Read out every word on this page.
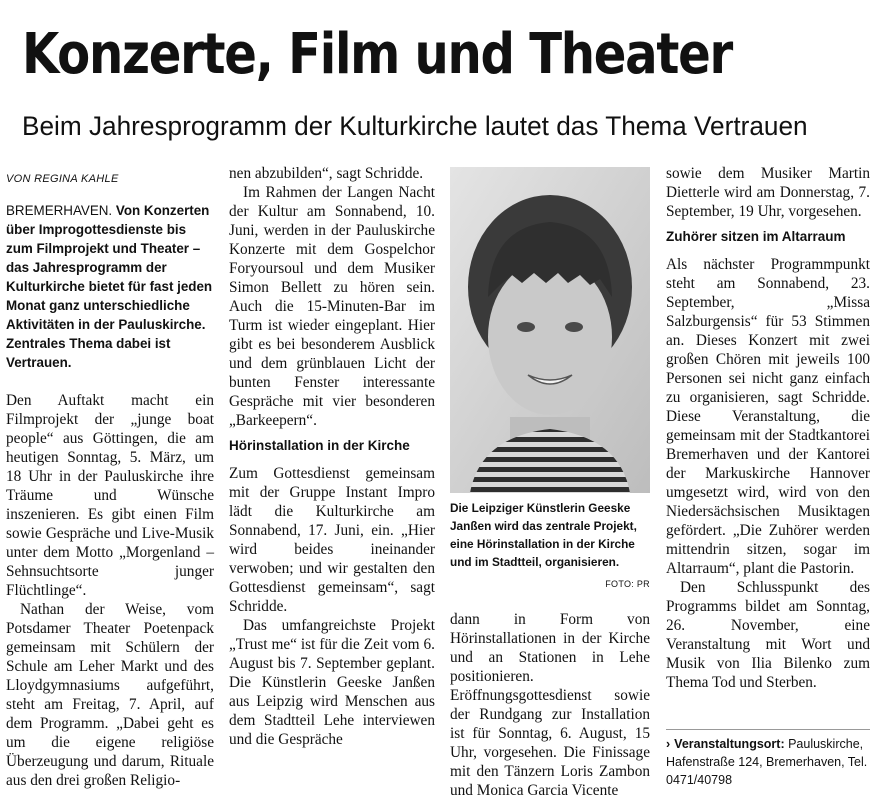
Konzerte, Film und Theater
Beim Jahresprogramm der Kulturkirche lautet das Thema Vertrauen

VON REGINA KAHLE

BREMERHAVEN. Von Konzerten über Improgottesdienste bis zum Filmprojekt und Theater – das Jahresprogramm der Kulturkirche bietet für fast jeden Monat ganz unterschiedliche Aktivitäten in der Pauluskirche. Zentrales Thema dabei ist Vertrauen.

Den Auftakt macht ein Filmprojekt der „junge boat people“ aus Göttingen, die am heutigen Sonntag, 5. März, um 18 Uhr in der Pauluskirche ihre Träume und Wünsche inszenieren. Es gibt einen Film sowie Gespräche und Live-Musik unter dem Motto „Morgenland – Sehnsuchtsorte junger Flüchtlinge“.

Nathan der Weise, vom Potsdamer Theater Poetenpack gemeinsam mit Schülern der Schule am Leher Markt und des Lloydgymnasiums aufgeführt, steht am Freitag, 7. April, auf dem Programm. „Dabei geht es um die eigene religiöse Überzeugung und darum, Rituale aus den drei großen Religio-

nen abzubilden“, sagt Schridde.

Im Rahmen der Langen Nacht der Kultur am Sonnabend, 10. Juni, werden in der Pauluskirche Konzerte mit dem Gospelchor Foryoursoul und dem Musiker Simon Bellett zu hören sein. Auch die 15-Minuten-Bar im Turm ist wieder eingeplant. Hier gibt es bei besonderem Ausblick und dem grünblauen Licht der bunten Fenster interessante Gespräche mit vier besonderen „Barkeepern“.

Hörinstallation in der Kirche

Zum Gottesdienst gemeinsam mit der Gruppe Instant Impro lädt die Kulturkirche am Sonnabend, 17. Juni, ein. „Hier wird beides ineinander verwoben; und wir gestalten den Gottesdienst gemeinsam“, sagt Schridde.

Das umfangreichste Projekt „Trust me“ ist für die Zeit vom 6. August bis 7. September geplant. Die Künstlerin Geeske Janßen aus Leipzig wird Menschen aus dem Stadtteil Lehe interviewen und die Gespräche

Die Leipziger Künstlerin Geeske Janßen wird das zentrale Projekt, eine Hörinstallation in der Kirche und im Stadtteil, organisieren.
FOTO: PR

dann in Form von Hörinstallationen in der Kirche und an Stationen in Lehe positionieren. Eröffnungsgottesdienst sowie der Rundgang zur Installation ist für Sonntag, 6. August, 15 Uhr, vorgesehen. Die Finissage mit den Tänzern Loris Zambon und Monica Garcia Vicente

sowie dem Musiker Martin Dietterle wird am Donnerstag, 7. September, 19 Uhr, vorgesehen.

Zuhörer sitzen im Altarraum

Als nächster Programmpunkt steht am Sonnabend, 23. September, „Missa Salzburgensis“ für 53 Stimmen an. Dieses Konzert mit zwei großen Chören mit jeweils 100 Personen sei nicht ganz einfach zu organisieren, sagt Schridde. Diese Veranstaltung, die gemeinsam mit der Stadtkantorei Bremerhaven und der Kantorei der Markuskirche Hannover umgesetzt wird, wird von den Niedersächsischen Musiktagen gefördert. „Die Zuhörer werden mittendrin sitzen, sogar im Altarraum“, plant die Pastorin.

Den Schlusspunkt des Programms bildet am Sonntag, 26. November, eine Veranstaltung mit Wort und Musik von Ilia Bilenko zum Thema Tod und Sterben.

› Veranstaltungsort: Pauluskirche, Hafenstraße 124, Bremerhaven, Tel. 0471/40798
